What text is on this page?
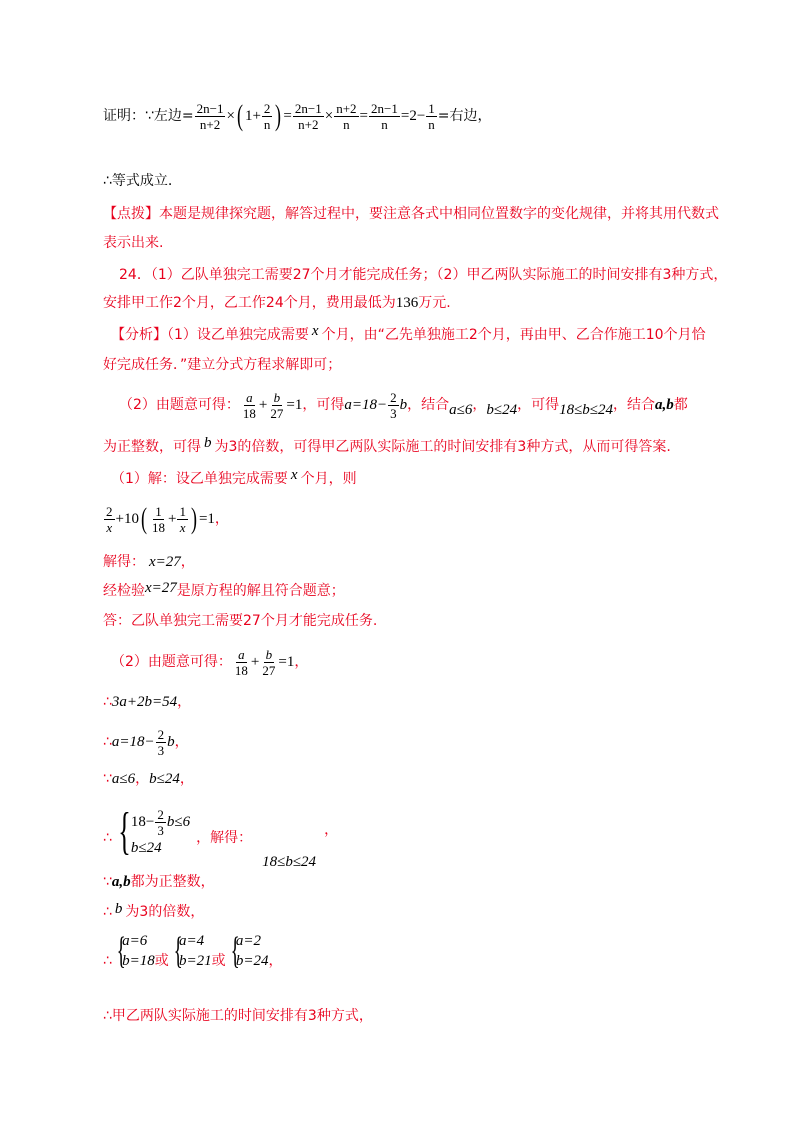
证明：∵左边= $\frac{2n-1}{n+2}$ × ( $1+ \frac{2}{n}$ ) = $\frac{2n-1}{n+2} \times \frac{n+2}{n} = \frac{2n-1}{n} = 2- \frac{1}{n}$ =右边，
∴等式成立.
【点拨】本题是规律探究题，解答过程中，要注意各式中相同位置数字的变化规律，并将其用代数式
表示出来.
24．（1）乙队单独完工需要27个月才能完成任务；（2）甲乙两队实际施工的时间安排有3种方式，
安排甲工作2个月，乙工作24个月，费用最低为 136 万元.
【分析】（1）设乙单独完成需要 x 个月，由“乙先单独施工2个月，再由甲、乙合作施工10个月恰
好完成任务．”建立分式方程求解即可；
（2）由题意可得： $\frac{a}{18} + \frac{b}{27} =1$ ，可得 $a=18- \frac{2}{3}$ b ，结合 a≤6 ， b≤24 ，可得 18≤b≤24 ，结合 a,b 都
为正整数，可得 b 为3的倍数，可得甲乙两队实际施工的时间安排有3种方式，从而可得答案.
（1）解：设乙单独完成需要 x 个月，则
$\frac{2}{x} +10$ ( $\frac{1}{18} + \frac{1}{x}$ ) =1 ，
解得： x=27 ，
经检验 x=27 是原方程的解且符合题意；
答：乙队单独完工需要27个月才能完成任务.
（2）由题意可得： $\frac{a}{18} + \frac{b}{27} =1$ ，
∴ 3a+2b=54 ，
∴ $a=18- \frac{2}{3}$ b ，
∵ a≤6 ， b≤24 ，
∴ { $18- \frac{2}{3} b\le 6$
b≤24
，解得：
18≤b≤24
，
∵ a,b 都为正整数，
∴ b 为3的倍数，
∴ {
a=6
b=18 或 {
a=4
b=21 或 {
a=2
b=24 ，
∴甲乙两队实际施工的时间安排有3种方式，
